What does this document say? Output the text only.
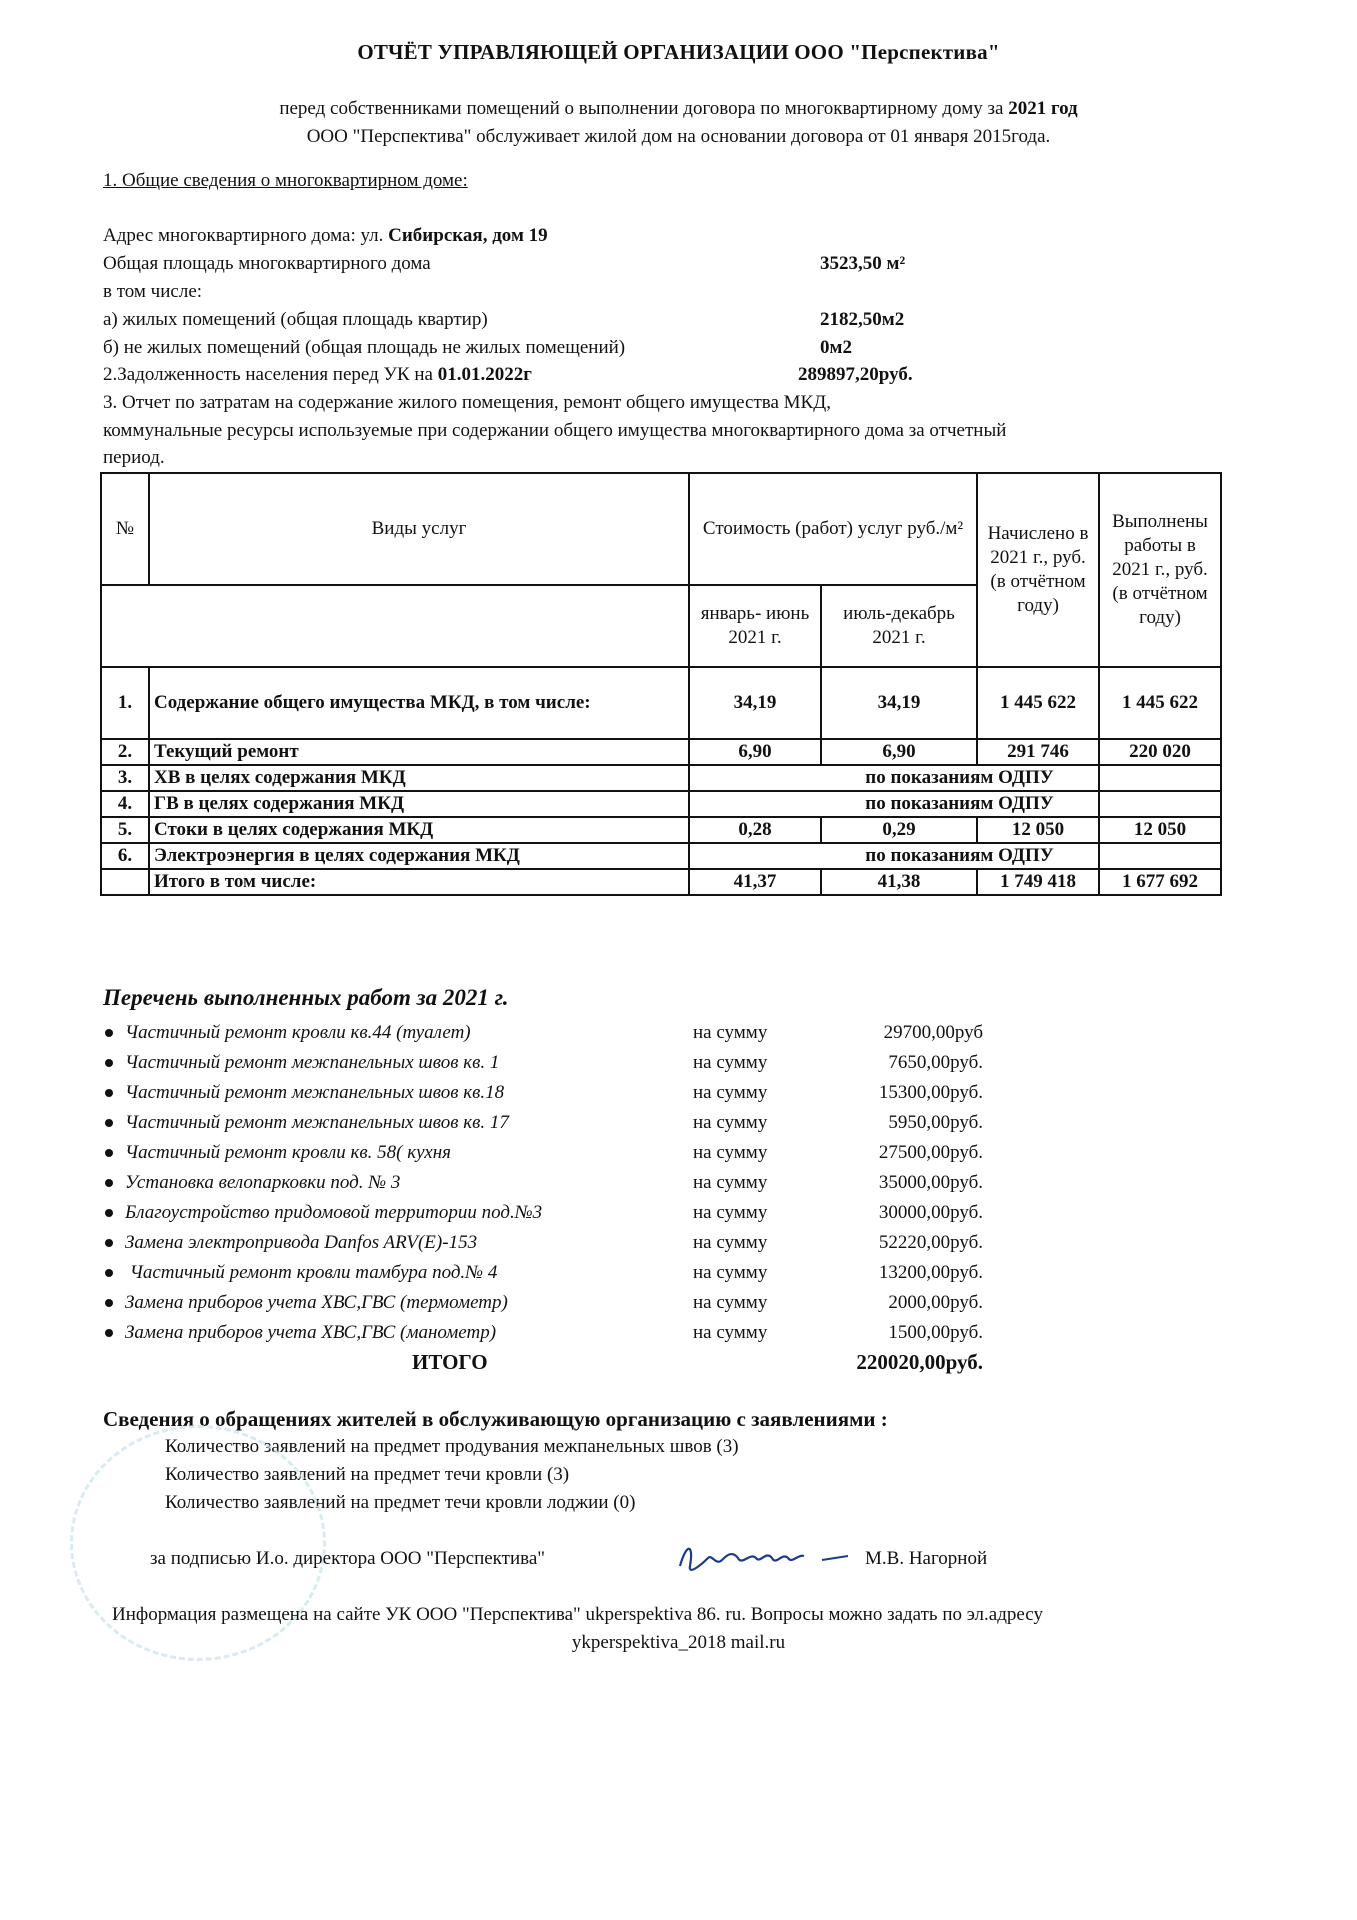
ОТЧЁТ УПРАВЛЯЮЩЕЙ ОРГАНИЗАЦИИ ООО "Перспектива"
перед собственниками помещений о выполнении договора по многоквартирному дому за 2021 год
ООО "Перспектива" обслуживает жилой дом на основании договора от 01 января 2015года.
1. Общие сведения о многоквартирном доме:
Адрес многоквартирного дома: ул. Сибирская, дом 19
Общая площадь многоквартирного дома	3523,50 м²
в том числе:
а) жилых помещений (общая площадь квартир)	2182,50м2
б) не жилых помещений (общая площадь не жилых помещений)	0м2
2.Задолженность населения перед УК на 01.01.2022г	289897,20руб.
3. Отчет по затратам на содержание жилого помещения, ремонт общего имущества МКД,
коммунальные ресурсы используемые при содержании общего имущества многоквартирного дома за отчетный
период.
№	Виды услуг	Стоимость (работ) услуг руб./м²		Начислено в 2021 г., руб. (в отчётном году)	Выполнены работы в 2021 г., руб. (в отчётном году)
		январь- июнь 2021 г.	июль-декабрь 2021 г.		
1.	Содержание общего имущества МКД, в том числе:	34,19	34,19	1 445 622	1 445 622
2.	Текущий ремонт	6,90	6,90	291 746	220 020
3.	ХВ в целях содержания МКД		по показаниям ОДПУ		
4.	ГВ в целях содержания МКД		по показаниям ОДПУ		
5.	Стоки в целях содержания МКД	0,28	0,29	12 050	12 050
6.	Электроэнергия в целях содержания МКД		по показаниям ОДПУ		
	Итого в том числе:	41,37	41,38	1 749 418	1 677 692
Перечень выполненных работ за 2021 г.
Частичный ремонт кровли кв.44 (туалет)	на сумму	29700,00руб
Частичный ремонт межпанельных швов кв. 1	на сумму	7650,00руб.
Частичный ремонт межпанельных швов кв.18	на сумму	15300,00руб.
Частичный ремонт межпанельных швов кв. 17	на сумму	5950,00руб.
Частичный ремонт кровли кв. 58( кухня	на сумму	27500,00руб.
Установка велопарковки под. № 3	на сумму	35000,00руб.
Благоустройство придомовой территории под.№3	на сумму	30000,00руб.
Замена электропривода Danfos ARV(E)-153	на сумму	52220,00руб.
Частичный ремонт кровли тамбура под.№ 4	на сумму	13200,00руб.
Замена приборов учета ХВС,ГВС (термометр)	на сумму	2000,00руб.
Замена приборов учета ХВС,ГВС (манометр)	на сумму	1500,00руб.
ИТОГО	220020,00руб.
Сведения о обращениях жителей в обслуживающую организацию с заявлениями :
Количество заявлений на предмет продувания межпанельных швов (3)
Количество заявлений на предмет течи кровли (3)
Количество заявлений на предмет течи кровли лоджии (0)
за подписью И.о. директора ООО "Перспектива"	М.В. Нагорной
Информация размещена на сайте УК ООО "Перспектива" ukperspektiva 86. ru. Вопросы можно задать по эл.адресу
ykperspektiva_2018 mail.ru
